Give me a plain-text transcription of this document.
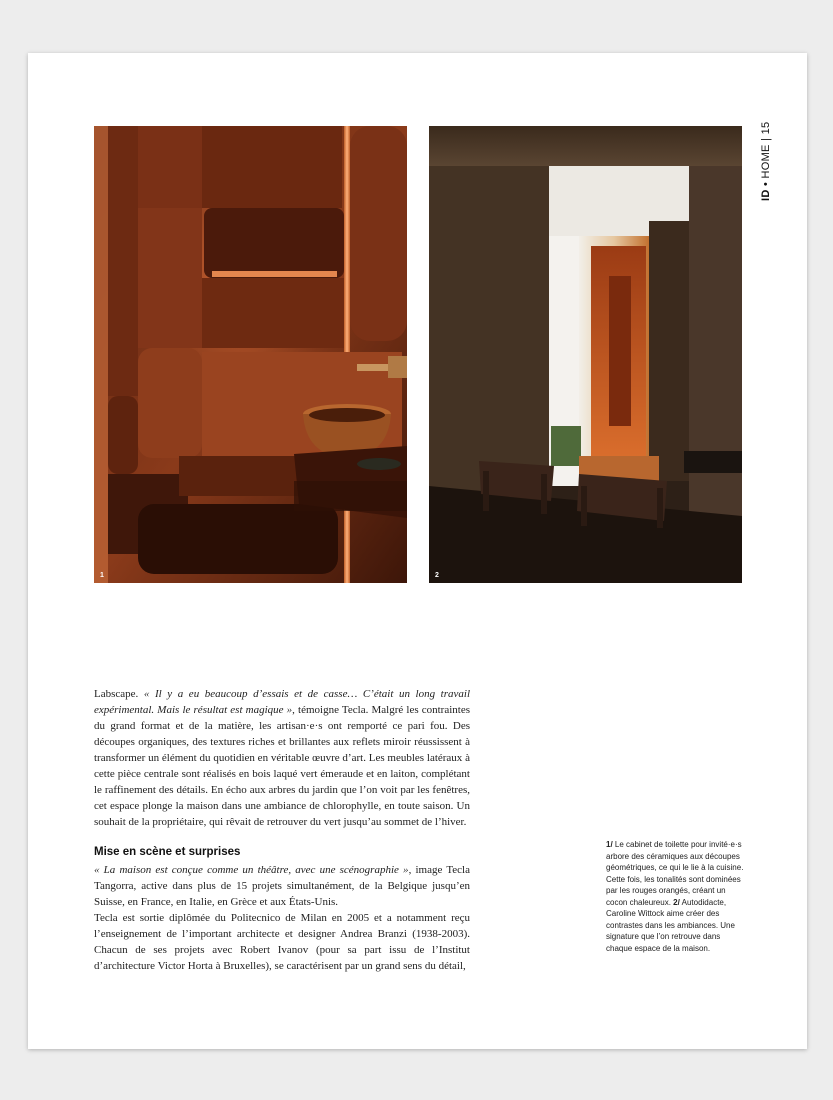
1	2
ID • HOME | 15

Labscape. « Il y a eu beaucoup d’essais et de casse… C’était un long travail expérimental. Mais le résultat est magique », témoigne Tecla. Malgré les contraintes du grand format et de la matière, les artisan·e·s ont remporté ce pari fou. Des découpes organiques, des textures riches et brillantes aux reflets miroir réussissent à transformer un élément du quotidien en véritable œuvre d’art. Les meubles latéraux à cette pièce centrale sont réalisés en bois laqué vert émeraude et en laiton, complétant le raffinement des détails. En écho aux arbres du jardin que l’on voit par les fenêtres, cet espace plonge la maison dans une ambiance de chlorophylle, en toute saison. Un souhait de la propriétaire, qui rêvait de retrouver du vert jusqu’au sommet de l’hiver.

Mise en scène et surprises

« La maison est conçue comme un théâtre, avec une scénographie », image Tecla Tangorra, active dans plus de 15 projets simultanément, de la Belgique jusqu’en Suisse, en France, en Italie, en Grèce et aux États-Unis.

Tecla est sortie diplômée du Politecnico de Milan en 2005 et a notamment reçu l’enseignement de l’important architecte et designer Andrea Branzi (1938-2003). Chacun de ses projets avec Robert Ivanov (pour sa part issu de l’Institut d’architecture Victor Horta à Bruxelles), se caractérisent par un grand sens du détail,

1/ Le cabinet de toilette pour invité·e·s arbore des céramiques aux découpes géométriques, ce qui le lie à la cuisine. Cette fois, les tonalités sont dominées par les rouges orangés, créant un cocon chaleureux. 2/ Autodidacte, Caroline Wittock aime créer des contrastes dans les ambiances. Une signature que l’on retrouve dans chaque espace de la maison.
